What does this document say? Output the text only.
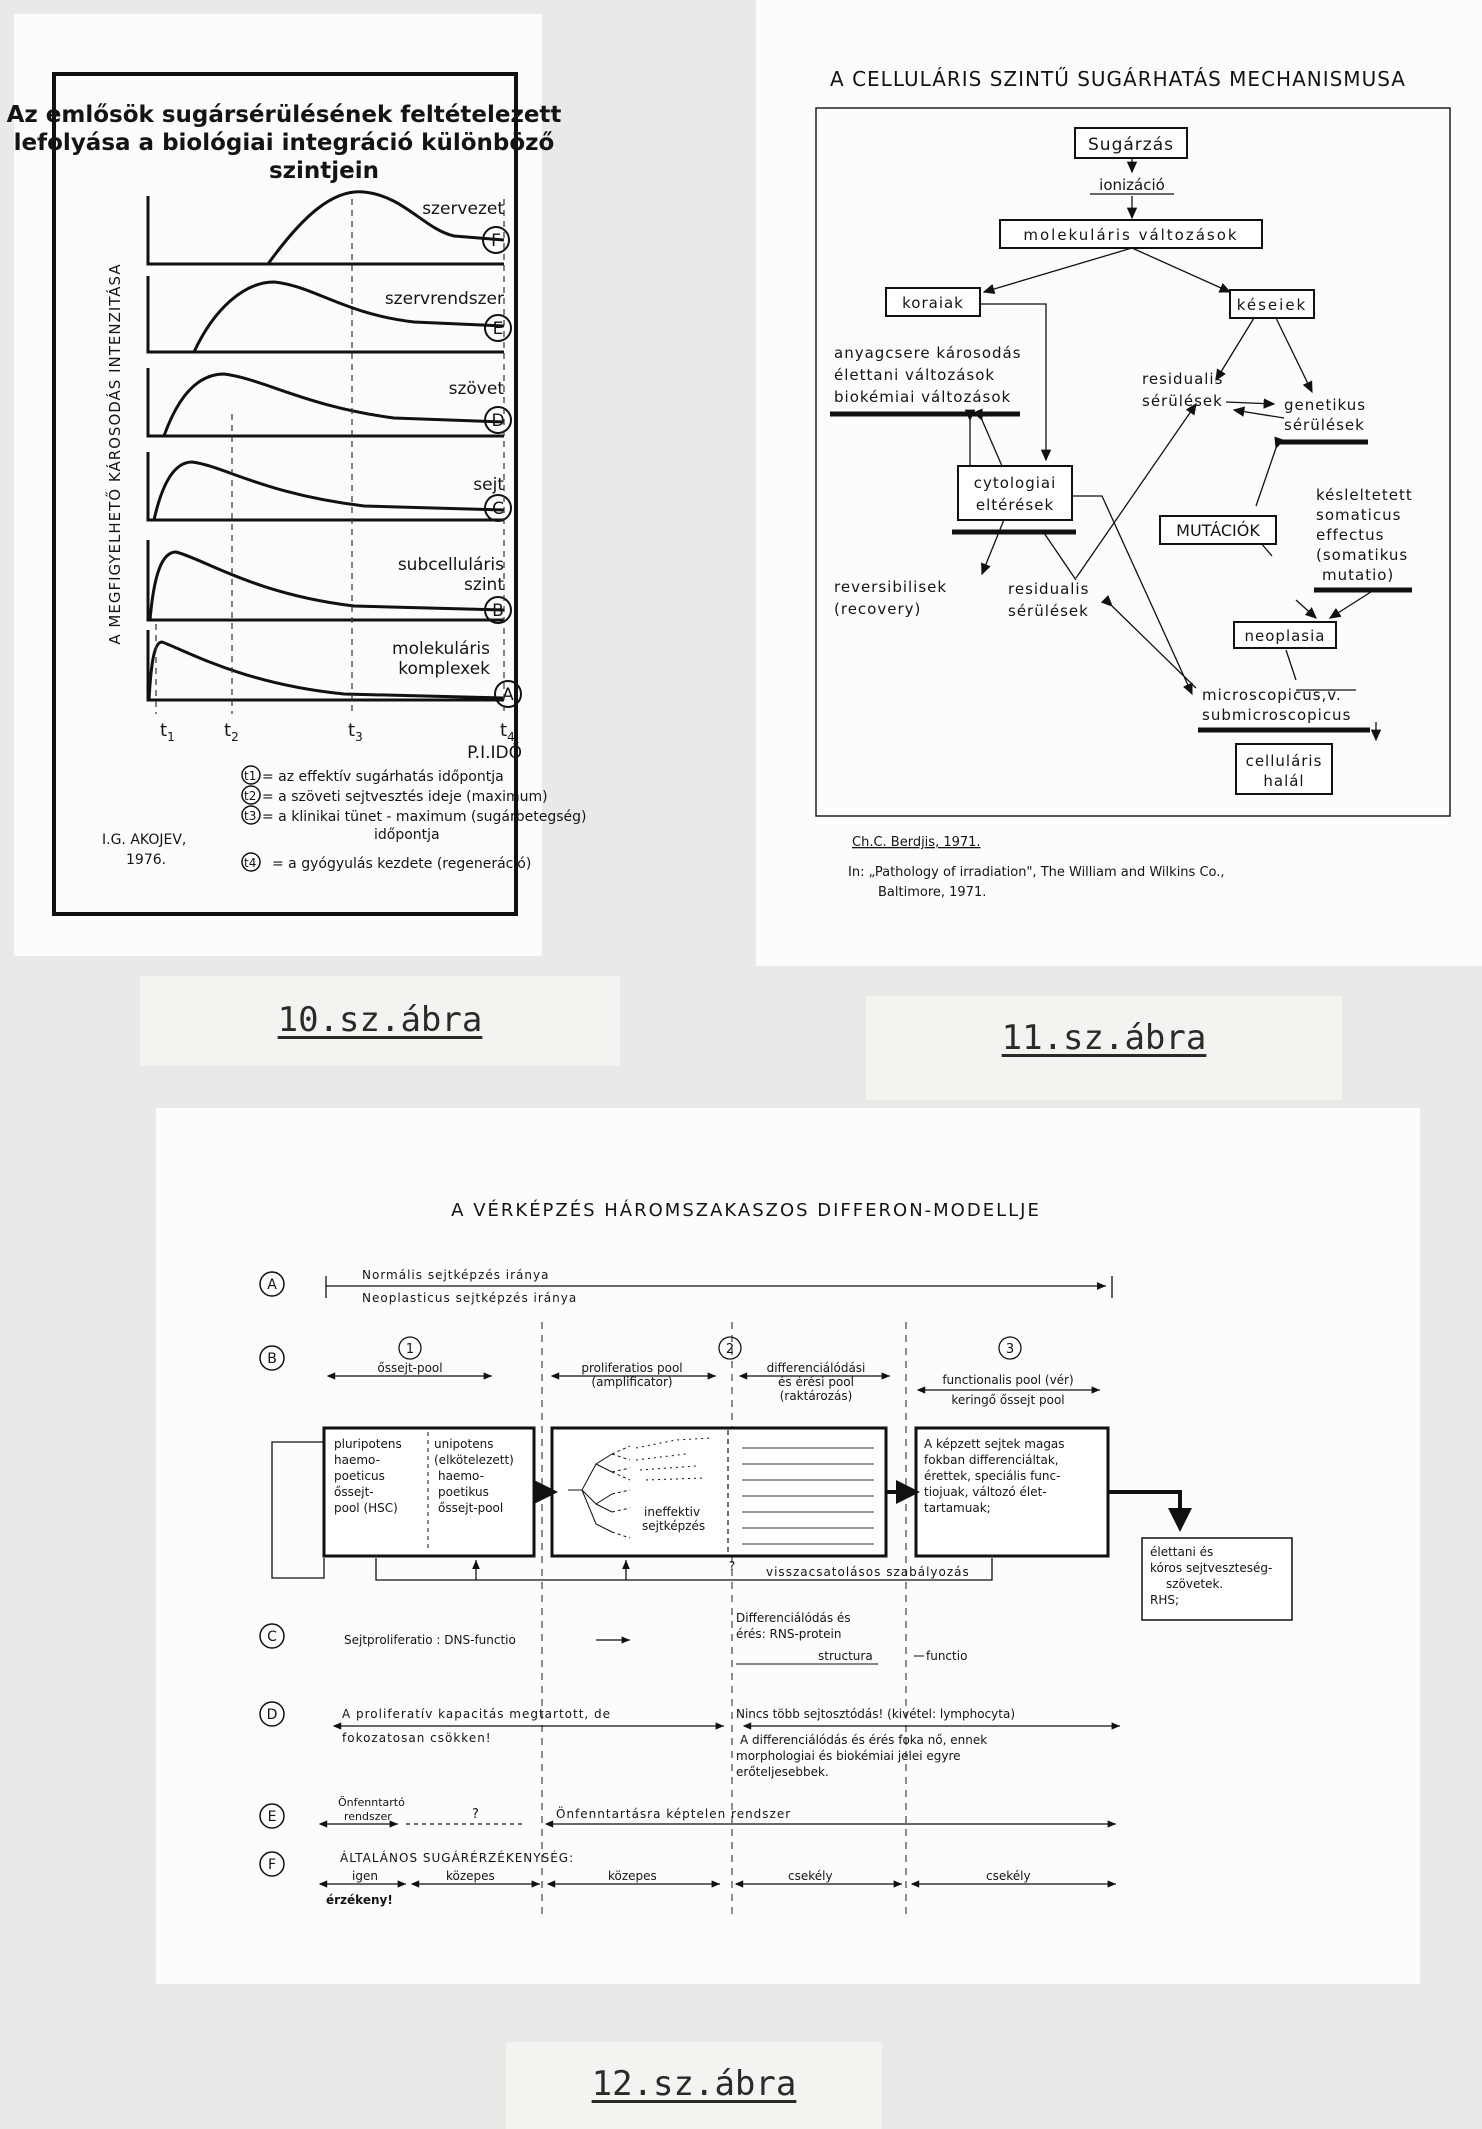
Az emlősök sugársérülésének feltételezett
lefolyása a biológiai integráció különböző
szintjein
A MEGFIGYELHETŐ KÁROSODÁS INTENZITÁSA
szervezet
F
szervrendszer
E
szövet
D
sejt
C
subcelluláris
szint
B
molekuláris
komplexek
A
$t_1$	$t_2$	$t_3$	$t_4$
P.I.IDŐ
t1 = az effektív sugárhatás időpontja
t2 = a szöveti sejtvesztés ideje (maximum)
t3 = a klinikai tünet - maximum (sugárbetegség)
időpontja
t4 = a gyógyulás kezdete (regeneráció)
I.G. AKOJEV,
1976.
A CELLULÁRIS SZINTŰ SUGÁRHATÁS MECHANISMUSA
Sugárzás
ionizáció
molekuláris változások
koraiak	késeiek
anyagcsere károsodás
élettani változások
biokémiai változások
residualis
sérülések	genetikus
sérülések
cytologiai
eltérések
MUTÁCIÓK
késleltetett
somaticus
effectus
(somatikus
mutatio)
reversibilisek
(recovery)
residualis
sérülések
neoplasia
microscopicus,v.
submicroscopicus
celluláris
halál
Ch.C. Berdjis, 1971.
In: „Pathology of irradiation", The William and Wilkins Co.,
Baltimore, 1971.
10.sz.ábra	11.sz.ábra
A VÉRKÉPZÉS HÁROMSZAKASZOS DIFFERON-MODELLJE
A
B
C
D
E
F
Normális sejtképzés iránya
Neoplasticus sejtképzés iránya
1	2	3
őssejt-pool	proliferatios pool
(amplificator)
differenciálódási
és érési pool
(raktározás)
functionalis pool (vér)
keringő őssejt pool
pluripotens
haemo-
poeticus
őssejt-
pool (HSC)
unipotens
(elkötelezett)
haemo-
poetikus
őssejt-pool	ineffektiv
sejtképzés
A képzett sejtek magas
fokban differenciáltak,
érettek, speciális func-
tiojuak, változó élet-
tartamuak;
?	visszacsatolásos szabályozás
élettani és
kóros sejtveszteség-
szövetek.
RHS;
Sejtproliferatio : DNS-functio
Differenciálódás és
érés: RNS-protein
structura	functio
A proliferatív kapacitás megtartott, de
fokozatosan csökken!
Nincs több sejtosztódás! (kivétel: lymphocyta)
A differenciálódás és érés foka nő, ennek
morphologiai és biokémiai jelei egyre
erőteljesebbek.
Önfenntartó
rendszer	?	Önfenntartásra képtelen rendszer
ÁLTALÁNOS SUGÁRÉRZÉKENYSÉG:
igen
érzékeny!
közepes	közepes	csekély	csekély
12.sz.ábra
